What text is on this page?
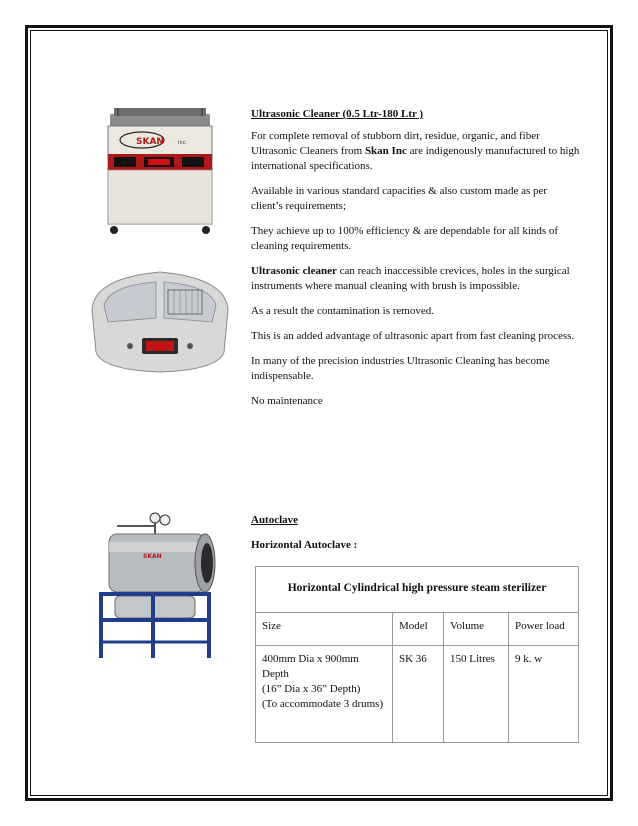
SKAN	Inc.
SKAN

Ultrasonic Cleaner (0.5 Ltr-180 Ltr )

For complete removal of stubborn dirt, residue, organic, and fiber Ultrasonic Cleaners from Skan Inc are indigenously manufactured to high international specifications.

Available in various standard capacities & also custom made as per client’s requirements;

They achieve up to 100% efficiency & are dependable for all kinds of cleaning requirements.

Ultrasonic cleaner can reach inaccessible crevices, holes in the surgical instruments where manual cleaning with brush is impossible.

As a result the contamination is removed.

This is an added advantage of ultrasonic apart from fast cleaning process.

In many of the precision industries Ultrasonic Cleaning has become indispensable.

No maintenance

Autoclave

Horizontal Autoclave :

Horizontal Cylindrical high pressure steam sterilizer			
Size	Model	Volume	Power load

400mm Dia x 900mm Depth
(16” Dia x 36” Depth)
(To accommodate 3 drums)	SK 36	150 Litres	9 k. w
